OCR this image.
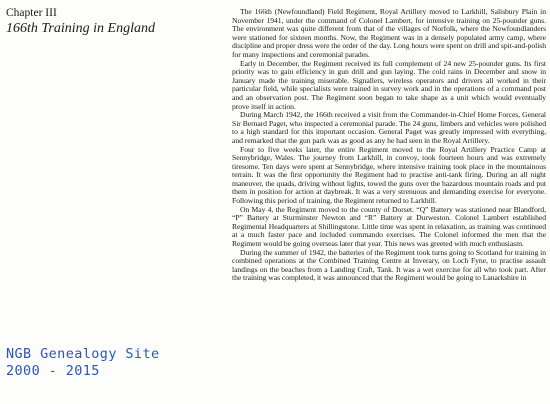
Chapter III
166th Training in England

The 166th (Newfoundland) Field Regiment, Royal Artillery moved to Larkhill, Salisbury Plain in November 1941, under the command of Colonel Lambert, for intensive training on 25-pounder guns. The environment was quite different from that of the villages of Norfolk, where the Newfoundlanders were stationed for sixteen months. Now, the Regiment was in a densely populated army camp, where discipline and proper dress were the order of the day. Long hours were spent on drill and spit-and-polish for many inspections and ceremonial parades.

Early in December, the Regiment received its full complement of 24 new 25-pounder guns. Its first priority was to gain efficiency in gun drill and gun laying. The cold rains in December and snow in January made the training miserable. Signallers, wireless operators and drivers all worked in their particular field, while specialists were trained in survey work and in the operations of a command post and an observation post. The Regiment soon began to take shape as a unit which would eventually prove itself in action.

During March 1942, the 166th received a visit from the Commander-in-Chief Home Forces, General Sir Bernard Paget, who inspected a ceremonial parade. The 24 guns, limbers and vehicles were polished to a high standard for this important occasion. General Paget was greatly impressed with everything, and remarked that the gun park was as good as any he had seen in the Royal Artillery.

Four to five weeks later, the entire Regiment moved to the Royal Artillery Practice Camp at Sennybridge, Wales. The journey from Larkhill, in convoy, took fourteen hours and was extremely tiresome. Ten days were spent at Sennybridge, where intensive training took place in the mountainous terrain. It was the first opportunity the Regiment had to practise anti-tank firing. During an all night maneuver, the quads, driving without lights, towed the guns over the hazardous mountain roads and put them in position for action at daybreak. It was a very strenuous and demanding exercise for everyone. Following this period of training, the Regiment returned to Larkhill.

On May 4, the Regiment moved to the county of Dorset. “Q” Battery was stationed near Blandford, “P” Battery at Sturminster Newton and “R” Battery at Durweston. Colonel Lambert established Regimental Headquarters at Shillingstone. Little time was spent in relaxation, as training was continued at a much faster pace and included commando exercises. The Colonel informed the men that the Regiment would be going overseas later that year. This news was greeted with much enthusiasm.

During the summer of 1942, the batteries of the Regiment took turns going to Scotland for training in combined operations at the Combined Training Centre at Inverary, on Loch Fyne, to practise assault landings on the beaches from a Landing Craft, Tank. It was a wet exercise for all who took part. After the training was completed, it was announced that the Regiment would be going to Lanarkshire in

NGB Genealogy Site
2000 - 2015
